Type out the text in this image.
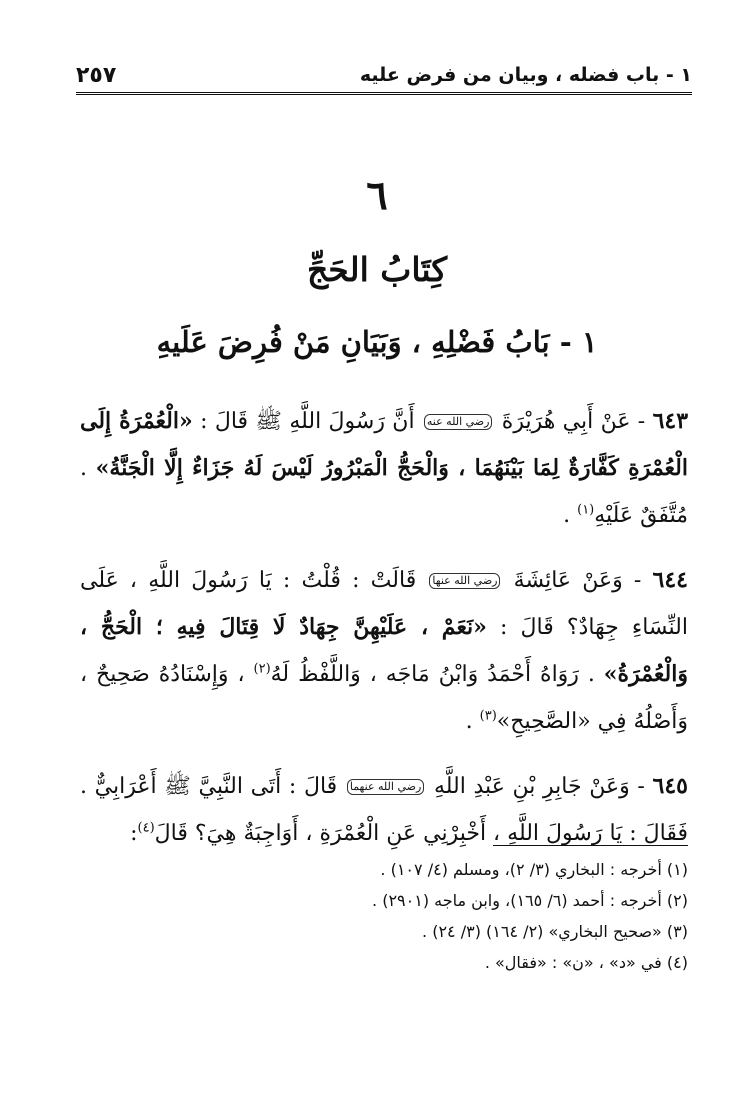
٢٥٧	١ - باب فضله ، وبيان من فرض عليه
٦
كِتَابُ الحَجِّ
١ - بَابُ فَضْلِهِ ، وَبَيَانِ مَنْ فُرِضَ عَلَيهِ

٦٤٣ - عَنْ أَبِي هُرَيْرَةَ رضي الله عنه أَنَّ رَسُولَ اللَّهِ ﷺ قَالَ : «الْعُمْرَةُ إِلَى الْعُمْرَةِ كَفَّارَةٌ لِمَا بَيْنَهُمَا ، وَالْحَجُّ الْمَبْرُورُ لَيْسَ لَهُ جَزَاءٌ إِلَّا الْجَنَّةُ» . مُتَّفَقٌ عَلَيْهِ$^{(١)}$ .

٦٤٤ - وَعَنْ عَائِشَةَ رضي الله عنها قَالَتْ : قُلْتُ : يَا رَسُولَ اللَّهِ ، عَلَى النِّسَاءِ جِهَادٌ؟ قَالَ : «نَعَمْ ، عَلَيْهِنَّ جِهَادٌ لَا قِتَالَ فِيهِ ؛ الْحَجُّ ، وَالْعُمْرَةُ» . رَوَاهُ أَحْمَدُ وَابْنُ مَاجَه ، وَاللَّفْظُ لَهُ$^{(٢)}$ ، وَإِسْنَادُهُ صَحِيحٌ ، وَأَصْلُهُ فِي «الصَّحِيحِ»$^{(٣)}$ .

٦٤٥ - وَعَنْ جَابِرِ بْنِ عَبْدِ اللَّهِ رضي الله عنهما قَالَ : أَتَى النَّبِيَّ ﷺ أَعْرَابِيٌّ . فَقَالَ : يَا رَسُولَ اللَّهِ ، أَخْبِرْنِي عَنِ الْعُمْرَةِ ، أَوَاجِبَةٌ هِيَ؟ قَالَ$^{(٤)}$:

(١) أخرجه : البخاري (٣/ ٢)، ومسلم (٤/ ١٠٧) .
(٢) أخرجه : أحمد (٦/ ١٦٥)، وابن ماجه (٢٩٠١) .
(٣) «صحيح البخاري» (٢/ ١٦٤) (٣/ ٢٤) .
(٤) في «د» ، «ن» : «فقال» .
